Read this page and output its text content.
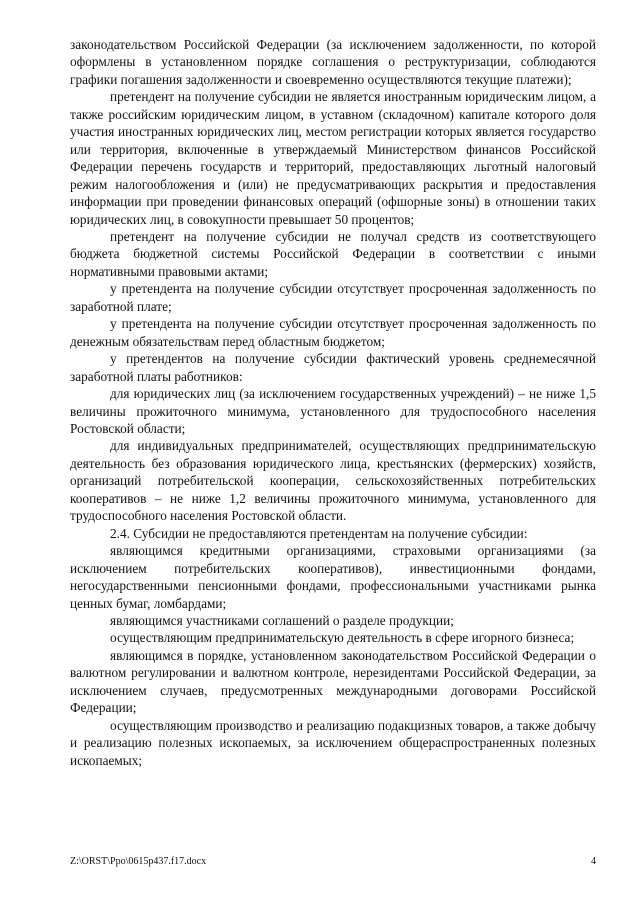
законодательством Российской Федерации (за исключением задолженности, по которой оформлены в установленном порядке соглашения о реструктуризации, соблюдаются графики погашения задолженности и своевременно осуществляются текущие платежи);

претендент на получение субсидии не является иностранным юридическим лицом, а также российским юридическим лицом, в уставном (складочном) капитале которого доля участия иностранных юридических лиц, местом регистрации которых является государство или территория, включенные в утверждаемый Министерством финансов Российской Федерации перечень государств и территорий, предоставляющих льготный налоговый режим налогообложения и (или) не предусматривающих раскрытия и предоставления информации при проведении финансовых операций (офшорные зоны) в отношении таких юридических лиц, в совокупности превышает 50 процентов;

претендент на получение субсидии не получал средств из соответствующего бюджета бюджетной системы Российской Федерации в соответствии с иными нормативными правовыми актами;

у претендента на получение субсидии отсутствует просроченная задолженность по заработной плате;

у претендента на получение субсидии отсутствует просроченная задолженность по денежным обязательствам перед областным бюджетом;

у претендентов на получение субсидии фактический уровень среднемесячной заработной платы работников:

для юридических лиц (за исключением государственных учреждений) – не ниже 1,5 величины прожиточного минимума, установленного для трудоспособного населения Ростовской области;

для индивидуальных предпринимателей, осуществляющих предпринимательскую деятельность без образования юридического лица, крестьянских (фермерских) хозяйств, организаций потребительской кооперации, сельскохозяйственных потребительских кооперативов – не ниже 1,2 величины прожиточного минимума, установленного для трудоспособного населения Ростовской области.

2.4. Субсидии не предоставляются претендентам на получение субсидии:

являющимся кредитными организациями, страховыми организациями (за исключением потребительских кооперативов), инвестиционными фондами, негосударственными пенсионными фондами, профессиональными участниками рынка ценных бумаг, ломбардами;

являющимся участниками соглашений о разделе продукции;

осуществляющим предпринимательскую деятельность в сфере игорного бизнеса;

являющимся в порядке, установленном законодательством Российской Федерации о валютном регулировании и валютном контроле, нерезидентами Российской Федерации, за исключением случаев, предусмотренных международными договорами Российской Федерации;

осуществляющим производство и реализацию подакцизных товаров, а также добычу и реализацию полезных ископаемых, за исключением общераспространенных полезных ископаемых;

Z:\ORST\Ppo\0615p437.f17.docx	4
